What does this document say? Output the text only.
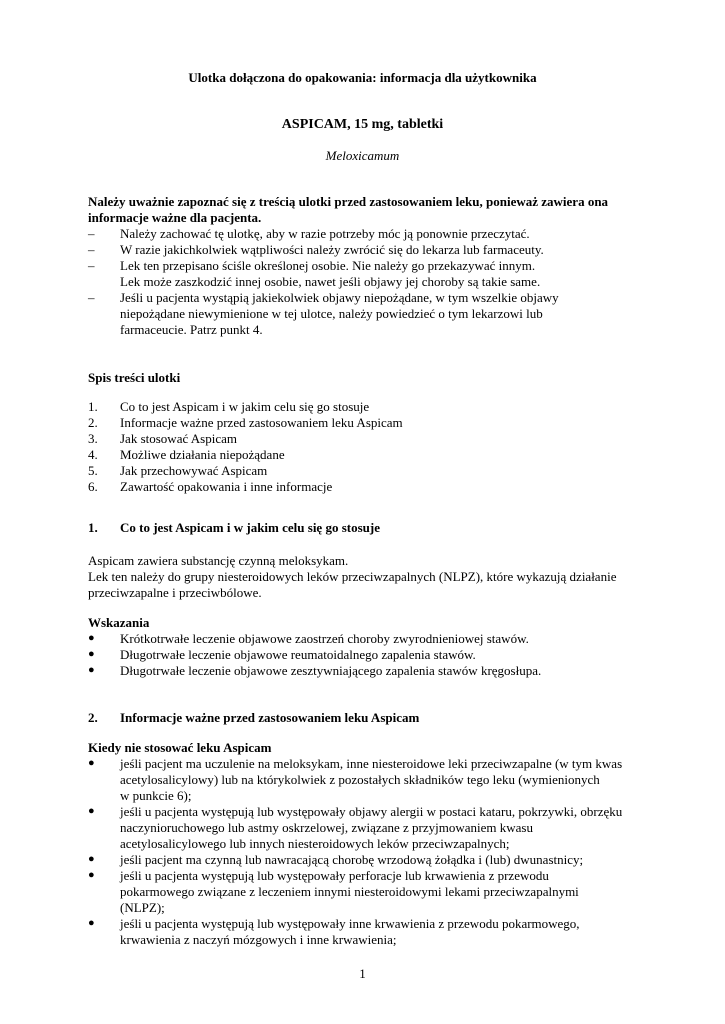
Ulotka dołączona do opakowania: informacja dla użytkownika
ASPICAM, 15 mg, tabletki
Meloxicamum
Należy uważnie zapoznać się z treścią ulotki przed zastosowaniem leku, ponieważ zawiera ona
informacje ważne dla pacjenta.
– Należy zachować tę ulotkę, aby w razie potrzeby móc ją ponownie przeczytać.
– W razie jakichkolwiek wątpliwości należy zwrócić się do lekarza lub farmaceuty.
– Lek ten przepisano ściśle określonej osobie. Nie należy go przekazywać innym.
Lek może zaszkodzić innej osobie, nawet jeśli objawy jej choroby są takie same.
– Jeśli u pacjenta wystąpią jakiekolwiek objawy niepożądane, w tym wszelkie objawy
niepożądane niewymienione w tej ulotce, należy powiedzieć o tym lekarzowi lub
farmaceucie. Patrz punkt 4.
Spis treści ulotki
1. Co to jest Aspicam i w jakim celu się go stosuje
2. Informacje ważne przed zastosowaniem leku Aspicam
3. Jak stosować Aspicam
4. Możliwe działania niepożądane
5. Jak przechowywać Aspicam
6. Zawartość opakowania i inne informacje
1. Co to jest Aspicam i w jakim celu się go stosuje
Aspicam zawiera substancję czynną meloksykam.
Lek ten należy do grupy niesteroidowych leków przeciwzapalnych (NLPZ), które wykazują działanie
przeciwzapalne i przeciwbólowe.
Wskazania
● Krótkotrwałe leczenie objawowe zaostrzeń choroby zwyrodnieniowej stawów.
● Długotrwałe leczenie objawowe reumatoidalnego zapalenia stawów.
● Długotrwałe leczenie objawowe zesztywniającego zapalenia stawów kręgosłupa.
2. Informacje ważne przed zastosowaniem leku Aspicam
Kiedy nie stosować leku Aspicam
● jeśli pacjent ma uczulenie na meloksykam, inne niesteroidowe leki przeciwzapalne (w tym kwas
acetylosalicylowy) lub na którykolwiek z pozostałych składników tego leku (wymienionych
w punkcie 6);
● jeśli u pacjenta występują lub występowały objawy alergii w postaci kataru, pokrzywki, obrzęku
naczynioruchowego lub astmy oskrzelowej, związane z przyjmowaniem kwasu
acetylosalicylowego lub innych niesteroidowych leków przeciwzapalnych;
● jeśli pacjent ma czynną lub nawracającą chorobę wrzodową żołądka i (lub) dwunastnicy;
● jeśli u pacjenta występują lub występowały perforacje lub krwawienia z przewodu
pokarmowego związane z leczeniem innymi niesteroidowymi lekami przeciwzapalnymi
(NLPZ);
● jeśli u pacjenta występują lub występowały inne krwawienia z przewodu pokarmowego,
krwawienia z naczyń mózgowych i inne krwawienia;
1
